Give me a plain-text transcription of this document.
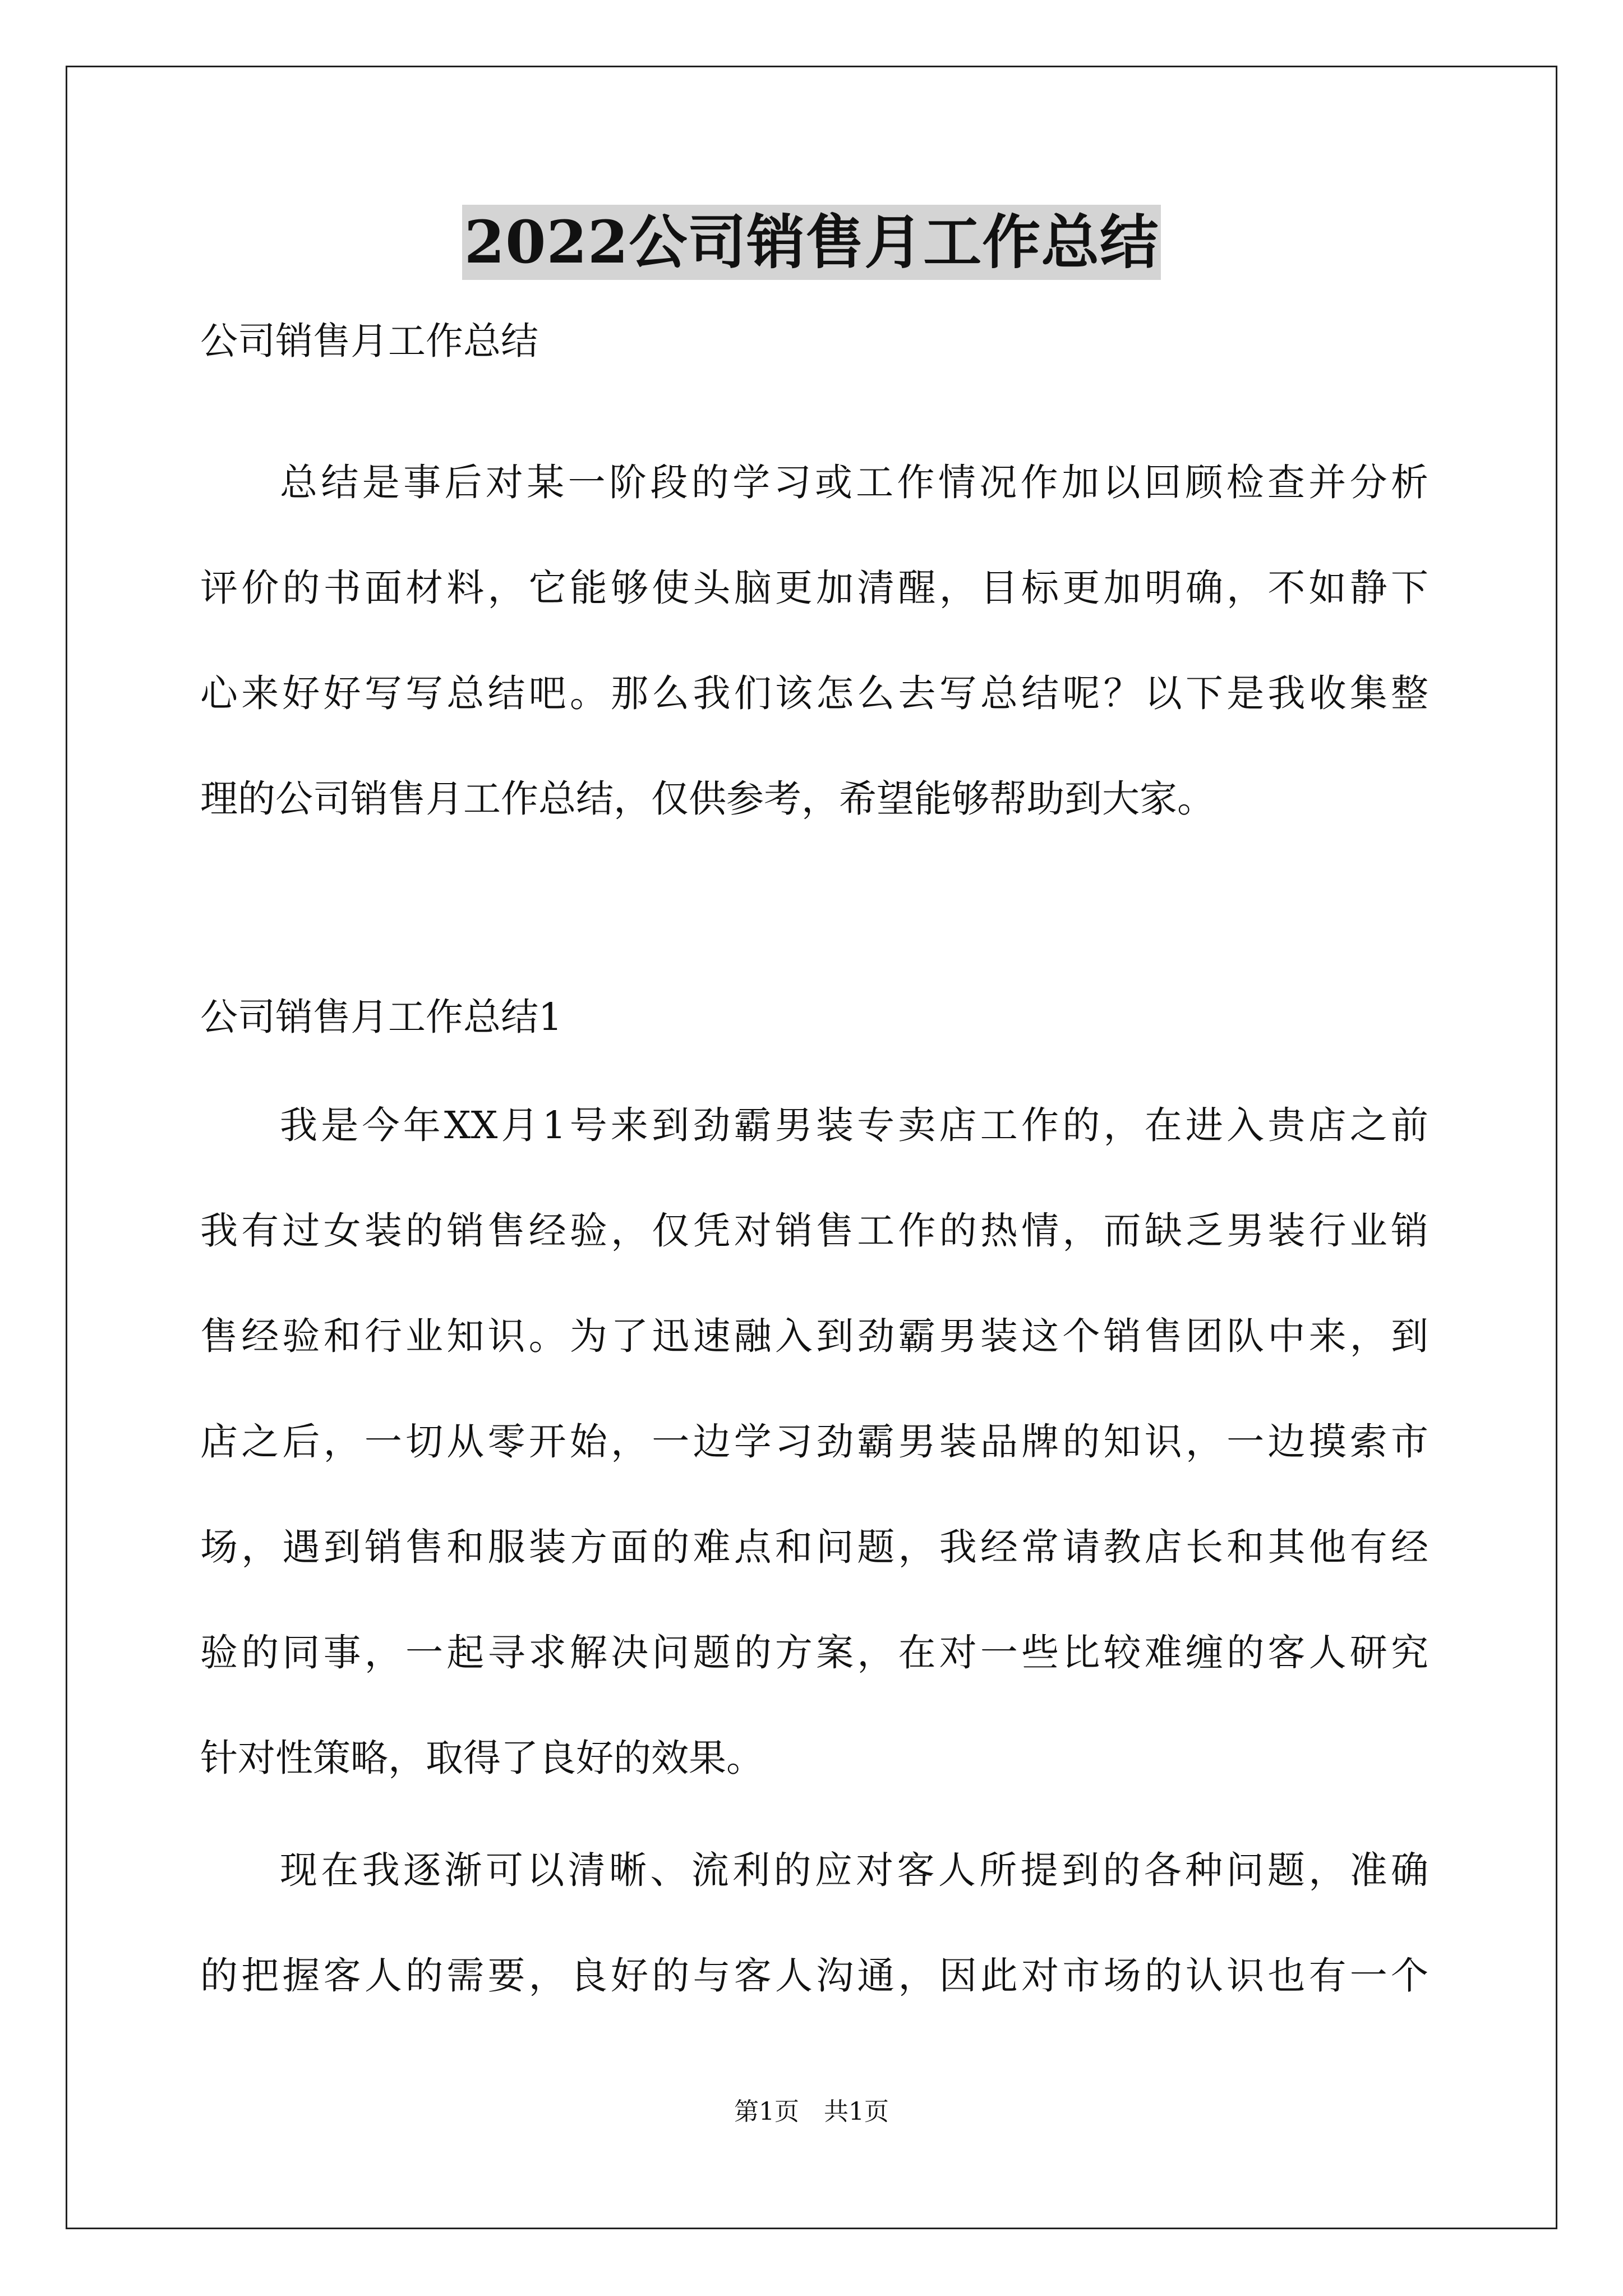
2022公司销售月工作总结

公司销售月工作总结

总结是事后对某一阶段的学习或工作情况作加以回顾检查并分析

评价的书面材料，它能够使头脑更加清醒，目标更加明确，不如静下

心来好好写写总结吧。那么我们该怎么去写总结呢？以下是我收集整

理的公司销售月工作总结，仅供参考，希望能够帮助到大家。

公司销售月工作总结1

我是今年XX月1号来到劲霸男装专卖店工作的，在进入贵店之前

我有过女装的销售经验，仅凭对销售工作的热情，而缺乏男装行业销

售经验和行业知识。为了迅速融入到劲霸男装这个销售团队中来，到

店之后，一切从零开始，一边学习劲霸男装品牌的知识，一边摸索市

场，遇到销售和服装方面的难点和问题，我经常请教店长和其他有经

验的同事，一起寻求解决问题的方案，在对一些比较难缠的客人研究

针对性策略，取得了良好的效果。

现在我逐渐可以清晰、流利的应对客人所提到的各种问题，准确

的把握客人的需要，良好的与客人沟通，因此对市场的认识也有一个

第1页　共1页
